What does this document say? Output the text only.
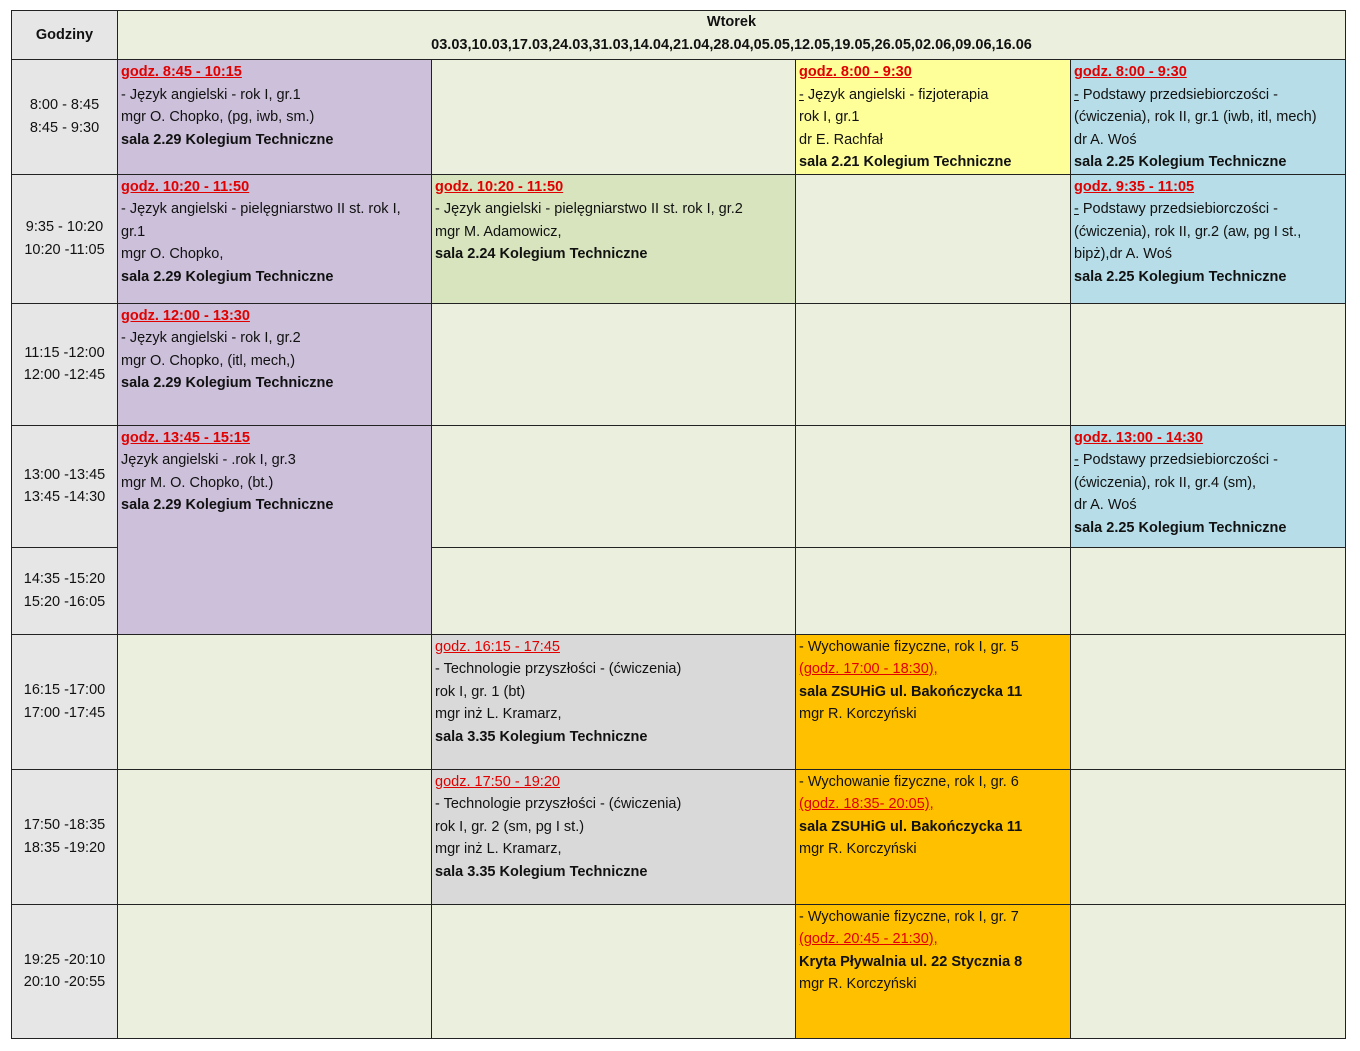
Godziny	Wtorek
03.03,10.03,17.03,24.03,31.03,14.04,21.04,28.04,05.05,12.05,19.05,26.05,02.06,09.06,16.06			

8:00 - 8:45
8:45 - 9:30	godz. 8:45 - 10:15
- Język angielski - rok I, gr.1
mgr O. Chopko, (pg, iwb, sm.)
sala 2.29 Kolegium Techniczne		godz. 8:00 - 9:30
- Język angielski - fizjoterapia
rok I, gr.1
dr E. Rachfał
sala 2.21 Kolegium Techniczne	godz. 8:00 - 9:30
- Podstawy przedsiebiorczości -
(ćwiczenia), rok II, gr.1 (iwb, itl, mech)
dr A. Woś
sala 2.25 Kolegium Techniczne

9:35 - 10:20
10:20 -11:05	godz. 10:20 - 11:50
- Język angielski - pielęgniarstwo II st. rok I,
gr.1
mgr O. Chopko,
sala 2.29 Kolegium Techniczne	godz. 10:20 - 11:50
- Język angielski - pielęgniarstwo II st. rok I, gr.2
mgr M. Adamowicz,
sala 2.24 Kolegium Techniczne		godz. 9:35 - 11:05
- Podstawy przedsiebiorczości -
(ćwiczenia), rok II, gr.2 (aw, pg I st.,
bipż),dr A. Woś
sala 2.25 Kolegium Techniczne

11:15 -12:00
12:00 -12:45	godz. 12:00 - 13:30
- Język angielski - rok I, gr.2
mgr O. Chopko, (itl, mech,)
sala 2.29 Kolegium Techniczne			

13:00 -13:45
13:45 -14:30	godz. 13:45 - 15:15
Język angielski - .rok I, gr.3
mgr M. O. Chopko, (bt.)
sala 2.29 Kolegium Techniczne			godz. 13:00 - 14:30
- Podstawy przedsiebiorczości -
(ćwiczenia), rok II, gr.4 (sm),
dr A. Woś
sala 2.25 Kolegium Techniczne

14:35 -15:20
15:20 -16:05				

16:15 -17:00
17:00 -17:45		godz. 16:15 - 17:45
- Technologie przyszłości - (ćwiczenia)
rok I, gr. 1 (bt)
mgr inż L. Kramarz,
sala 3.35 Kolegium Techniczne	- Wychowanie fizyczne, rok I, gr. 5
(godz. 17:00 - 18:30),
sala ZSUHiG ul. Bakończycka 11
mgr R. Korczyński	

17:50 -18:35
18:35 -19:20		godz. 17:50 - 19:20
- Technologie przyszłości - (ćwiczenia)
rok I, gr. 2 (sm, pg I st.)
mgr inż L. Kramarz,
sala 3.35 Kolegium Techniczne	- Wychowanie fizyczne, rok I, gr. 6
(godz. 18:35- 20:05),
sala ZSUHiG ul. Bakończycka 11
mgr R. Korczyński	

19:25 -20:10
20:10 -20:55			- Wychowanie fizyczne, rok I, gr. 7
(godz. 20:45 - 21:30),
Kryta Pływalnia ul. 22 Stycznia 8
mgr R. Korczyński	
